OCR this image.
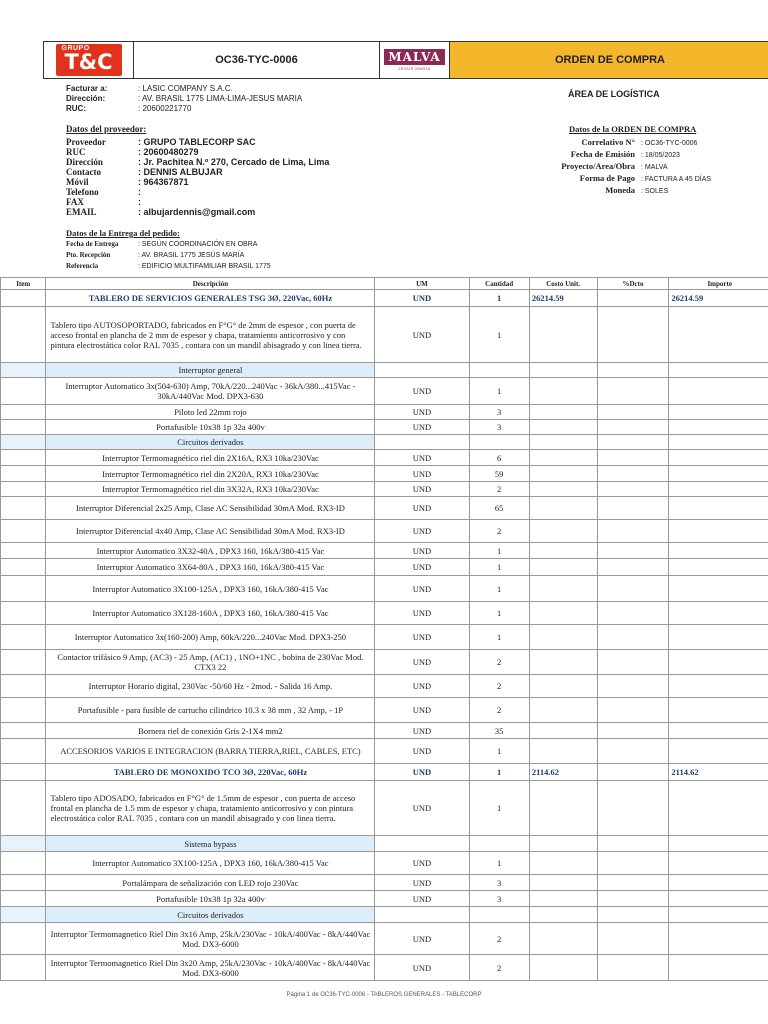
GRUPO
T&C	OC36-TYC-0006	MALVA
JESÚS MARÍA
ORDEN DE COMPRA
Facturar a:	: LASIC COMPANY S.A.C.
Dirección:	: AV. BRASIL 1775 LIMA-LIMA-JESUS MARIA
RUC:	: 20600221770
ÁREA DE LOGÍSTICA
Datos del proveedor:
Proveedor	: GRUPO TABLECORP SAC
RUC	: 20600480279
Dirección	: Jr. Pachitea N.º 270, Cercado de Lima, Lima
Contacto	: DENNIS ALBUJAR
Móvil	: 964367871
Telefono	:
FAX	:
EMAIL	: albujardennis@gmail.com
Datos de la ORDEN DE COMPRA
Correlativo N° : OC36-TYC-0006
Fecha de Emisión : 18/05/2023
Proyecto/Area/Obra : MALVA
Forma de Pago : FACTURA A 45 DÍAS
Moneda : SOLES
Datos de la Entrega del pedido:
Fecha de Entrega	: SEGÚN COORDINACIÓN EN OBRA
Pto. Recepción	: AV. BRASIL 1775 JESÚS MARÍA
Referencia	: EDIFICIO MULTIFAMILIAR BRASIL 1775
Item	Descripción	UM	Cantidad	Costo Unit.	%Dcto	Importe
	TABLERO DE SERVICIOS GENERALES TSG 3Ø, 220Vac, 60Hz	UND	1	26214.59		26214.59
	Tablero tipo AUTOSOPORTADO, fabricados en F°G° de 2mm de espesor , con puerta de acceso frontal en plancha de 2 mm de espesor y chapa, tratamiento anticorrosivo y con pintura electrostática color RAL 7035 , contara con un mandil abisagrado y con linea tierra.	UND	1			
	Interruptor general					
	Interruptor Automatico 3x(504-630) Amp, 70kA/220...240Vac - 36kA/380...415Vac - 30kA/440Vac Mod. DPX3-630	UND	1			
	Piloto led 22mm rojo	UND	3			
	Portafusible 10x38 1p 32a 400v	UND	3			
	Circuitos derivados					
	Interruptor Termomagnético riel din 2X16A, RX3 10ka/230Vac	UND	6			
	Interruptor Termomagnético riel din 2X20A, RX3 10ka/230Vac	UND	59			
	Interruptor Termomagnético riel din 3X32A, RX3 10ka/230Vac	UND	2			
	Interruptor Diferencial 2x25 Amp, Clase AC Sensibilidad 30mA Mod. RX3-ID	UND	65			
	Interruptor Diferencial 4x40 Amp, Clase AC Sensibilidad 30mA Mod. RX3-ID	UND	2			
	Interruptor Automatico 3X32-40A , DPX3 160, 16kA/380-415 Vac	UND	1			
	Interruptor Automatico 3X64-80A , DPX3 160, 16kA/380-415 Vac	UND	1			
	Interruptor Automatico 3X100-125A , DPX3 160, 16kA/380-415 Vac	UND	1			
	Interruptor Automatico 3X128-160A , DPX3 160, 16kA/380-415 Vac	UND	1			
	Interruptor Automatico 3x(160-200) Amp, 60kA/220...240Vac Mod. DPX3-250	UND	1			
	Contactor trifásico 9 Amp, (AC3) - 25 Amp, (AC1) , 1NO+1NC , bobina de 230Vac Mod. CTX3 22	UND	2			
	Interruptor Horario digital, 230Vac -50/60 Hz - 2mod. - Salida 16 Amp.	UND	2			
	Portafusible - para fusible de cartucho cilindrico 10.3 x 38 mm , 32 Amp, - 1P	UND	2			
	Bornera riel de conexión Gris 2-1X4 mm2	UND	35			
	ACCESORIOS VARIOS E INTEGRACION (BARRA TIERRA,RIEL, CABLES, ETC)	UND	1			
	TABLERO DE MONOXIDO TCO 3Ø, 220Vac, 60Hz	UND	1	2114.62		2114.62
	Tablero tipo ADOSADO, fabricados en F°G° de 1.5mm de espesor , con puerta de acceso frontal en plancha de 1.5 mm de espesor y chapa, tratamiento anticorrosivo y con pintura electrostática color RAL 7035 , contara con un mandil abisagrado y con linea tierra.	UND	1			
	Sistema bypass					
	Interruptor Automatico 3X100-125A , DPX3 160, 16kA/380-415 Vac	UND	1			
	Portalámpara de señalización con LED rojo 230Vac	UND	3			
	Portafusible 10x38 1p 32a 400v	UND	3			
	Circuitos derivados					
	Interruptor Termomagnetico Riel Din 3x16 Amp, 25kA/230Vac - 10kA/400Vac - 8kA/440Vac Mod. DX3-6000	UND	2			
	Interruptor Termomagnetico Riel Din 3x20 Amp, 25kA/230Vac - 10kA/400Vac - 8kA/440Vac Mod. DX3-6000	UND	2			
Página 1 de OC36-TYC-0006 - TABLEROS GENERALES - TABLECORP
